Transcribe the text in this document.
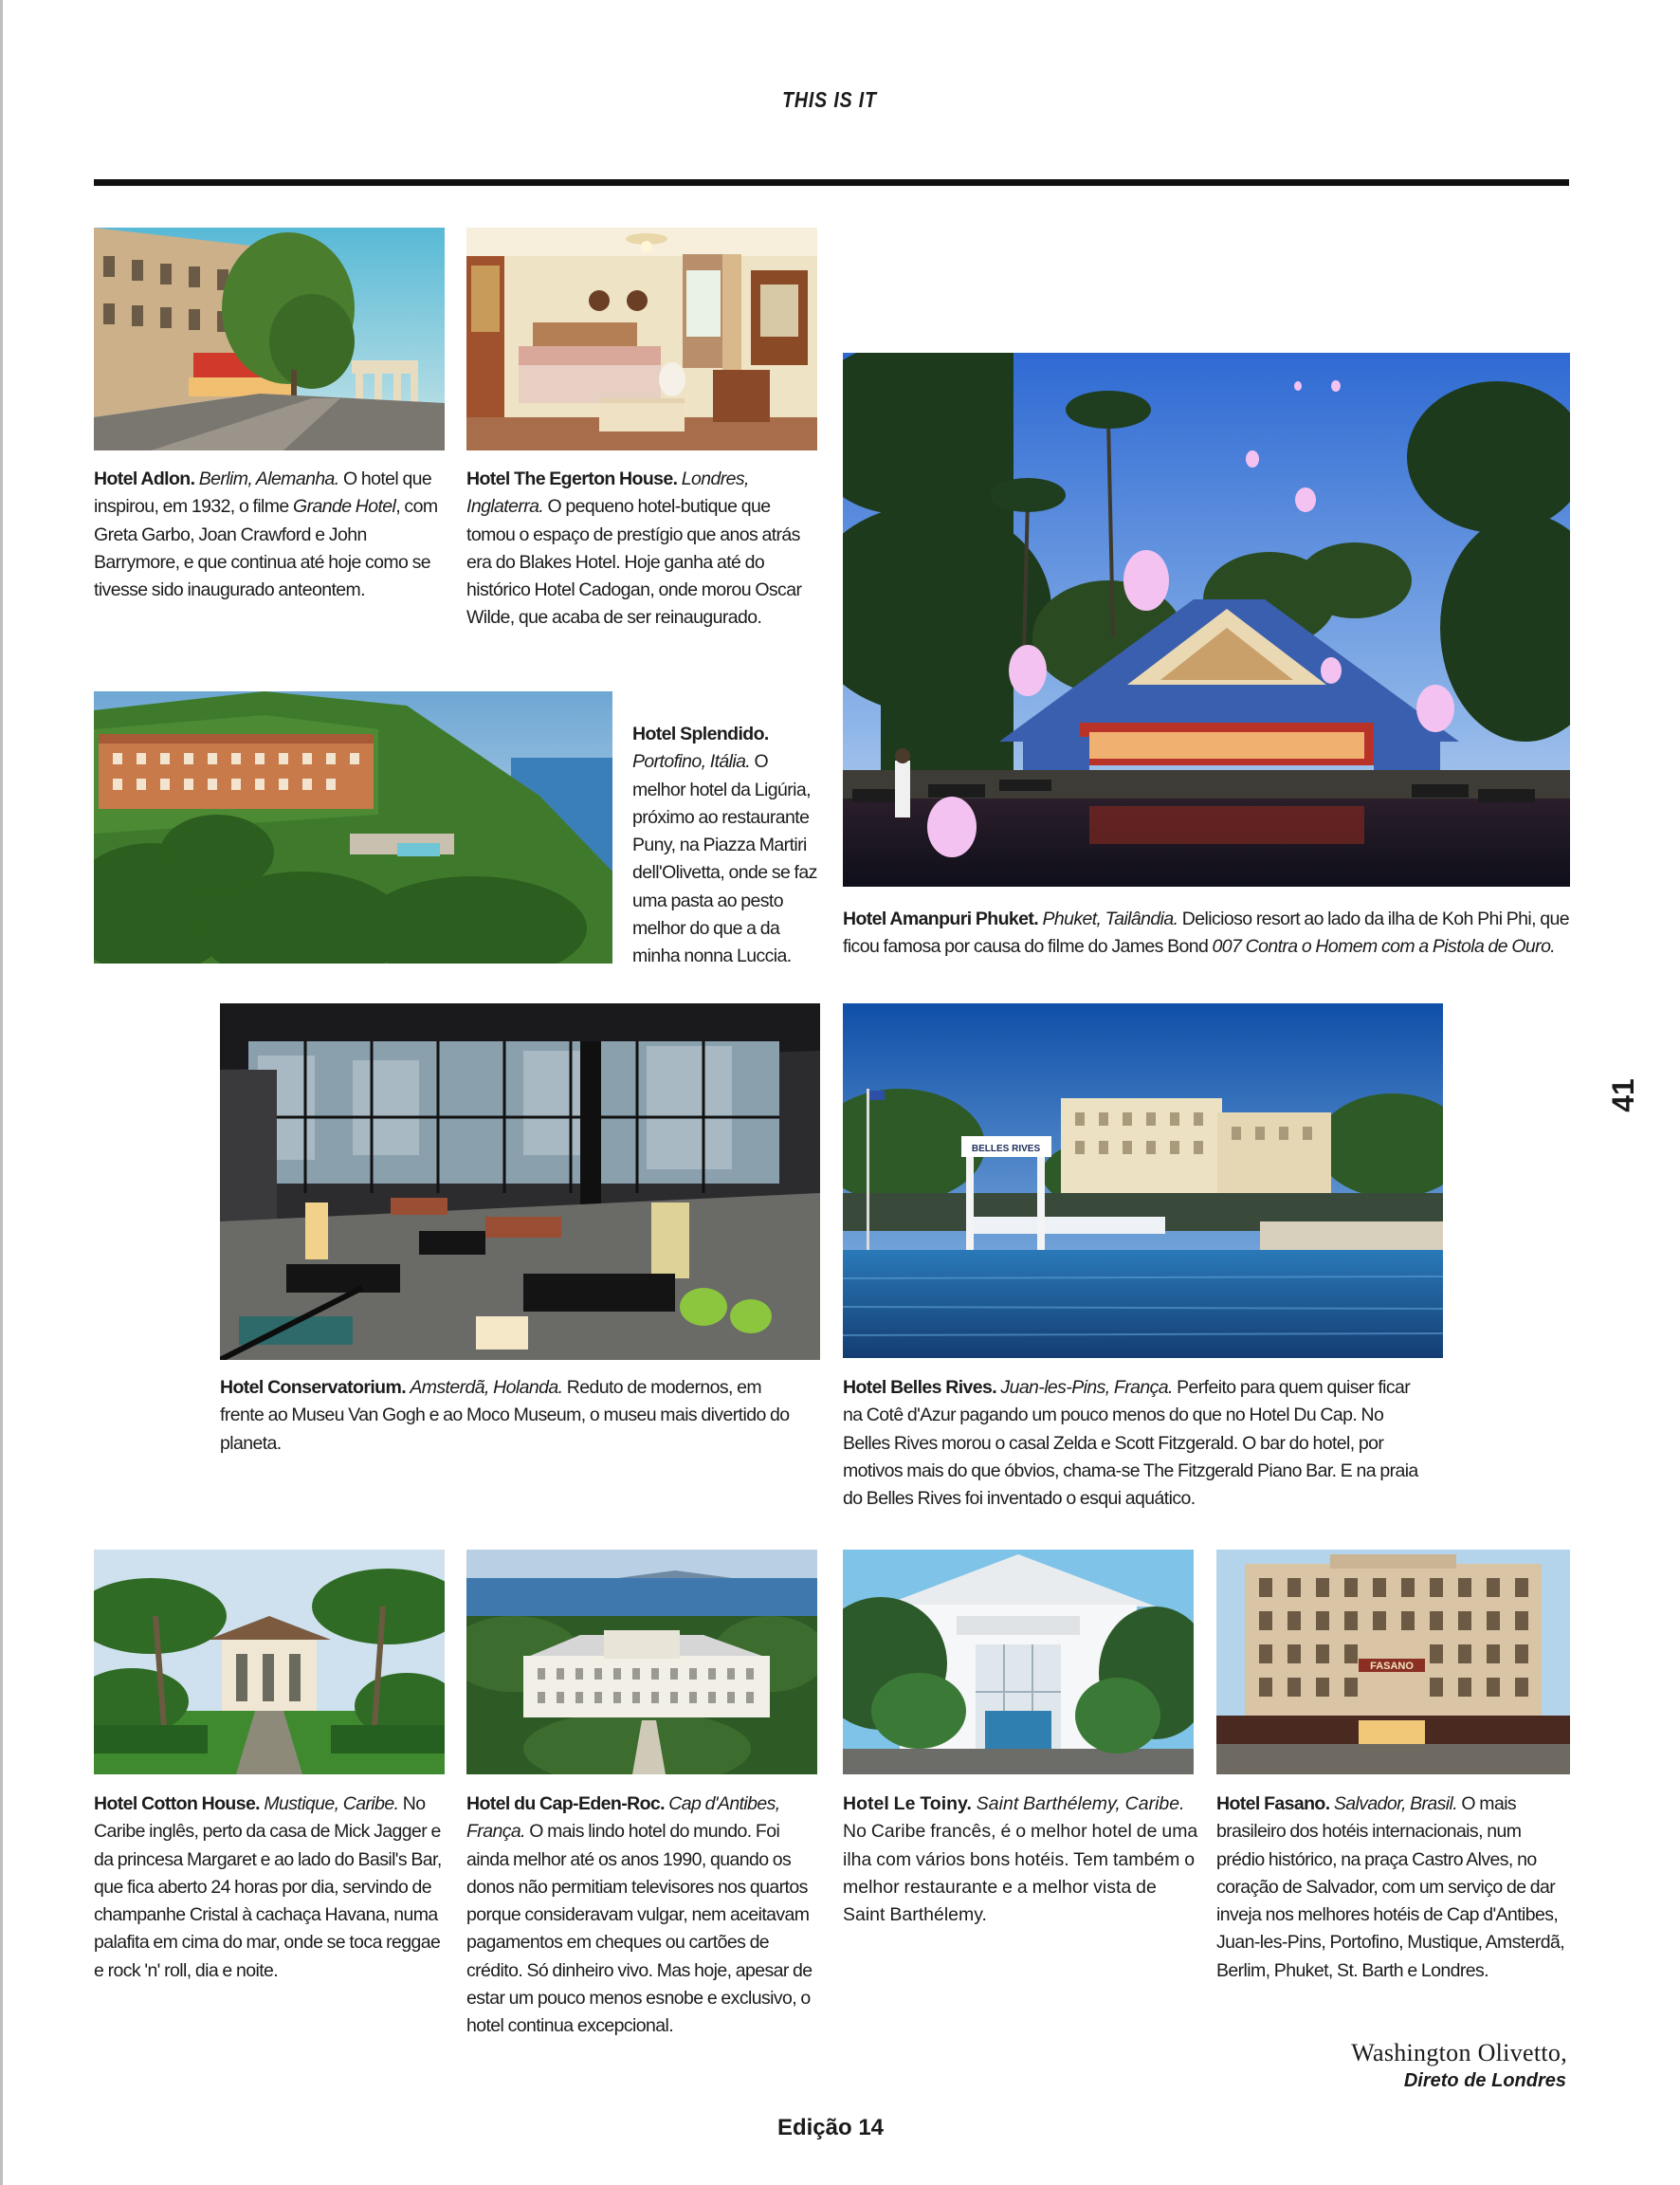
THIS IS IT
BELLES RIVES
FASANO
Hotel Adlon. Berlim, Alemanha. O hotel que inspirou, em 1932, o filme Grande Hotel, com Greta Garbo, Joan Crawford e John Barrymore, e que continua até hoje como se tivesse sido inaugurado anteontem.
Hotel The Egerton House. Londres, Inglaterra. O pequeno hotel-butique que tomou o espaço de prestígio que anos atrás era do Blakes Hotel. Hoje ganha até do histórico Hotel Cadogan, onde morou Oscar Wilde, que acaba de ser reinaugurado.
Hotel Splendido. Portofino, Itália. O melhor hotel da Ligúria, próximo ao restaurante Puny, na Piazza Martiri dell'Olivetta, onde se faz uma pasta ao pesto melhor do que a da minha nonna Luccia.
Hotel Amanpuri Phuket. Phuket, Tailândia. Delicioso resort ao lado da ilha de Koh Phi Phi, que ficou famosa por causa do filme do James Bond 007 Contra o Homem com a Pistola de Ouro.
Hotel Conservatorium. Amsterdã, Holanda. Reduto de modernos, em frente ao Museu Van Gogh e ao Moco Museum, o museu mais divertido do planeta.
Hotel Belles Rives. Juan-les-Pins, França. Perfeito para quem quiser ficar na Cotê d'Azur pagando um pouco menos do que no Hotel Du Cap. No Belles Rives morou o casal Zelda e Scott Fitzgerald. O bar do hotel, por motivos mais do que óbvios, chama-se The Fitzgerald Piano Bar. E na praia do Belles Rives foi inventado o esqui aquático.
Hotel Cotton House. Mustique, Caribe. No Caribe inglês, perto da casa de Mick Jagger e da princesa Margaret e ao lado do Basil's Bar, que fica aberto 24 horas por dia, servindo de champanhe Cristal à cachaça Havana, numa palafita em cima do mar, onde se toca reggae e rock 'n' roll, dia e noite.
Hotel du Cap-Eden-Roc. Cap d'Antibes, França. O mais lindo hotel do mundo. Foi ainda melhor até os anos 1990, quando os donos não permitiam televisores nos quartos porque consideravam vulgar, nem aceitavam pagamentos em cheques ou cartões de crédito. Só dinheiro vivo. Mas hoje, apesar de estar um pouco menos esnobe e exclusivo, o hotel continua excepcional.
Hotel Le Toiny. Saint Barthélemy, Caribe. No Caribe francês, é o melhor hotel de uma ilha com vários bons hotéis. Tem também o melhor restaurante e a melhor vista de Saint Barthélemy.
Hotel Fasano. Salvador, Brasil. O mais brasileiro dos hotéis internacionais, num prédio histórico, na praça Castro Alves, no coração de Salvador, com um serviço de dar inveja nos melhores hotéis de Cap d'Antibes, Juan-les-Pins, Portofino, Mustique, Amsterdã, Berlim, Phuket, St. Barth e Londres.
41
Washington Olivetto,
Direto de Londres
Edição 14
